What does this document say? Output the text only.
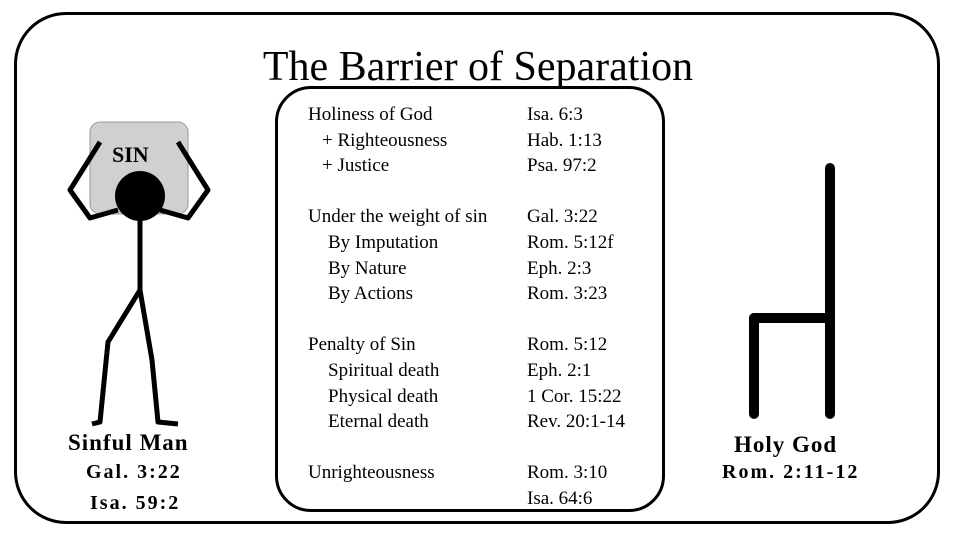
The Barrier of Separation
SIN
Sinful Man
Gal. 3:22
Isa. 59:2
Holy God
Rom. 2:11-12
Holiness of God	Isa. 6:3
+ Righteousness	Hab. 1:13
+ Justice	Psa. 97:2
Under the weight of sin Gal. 3:22
By Imputation	Rom. 5:12f
By Nature	Eph. 2:3
By Actions	Rom. 3:23
Penalty of Sin	Rom. 5:12
Spiritual death	Eph. 2:1
Physical death	1 Cor. 15:22
Eternal death	Rev. 20:1-14
Unrighteousness	Rom. 3:10
Isa. 64:6
